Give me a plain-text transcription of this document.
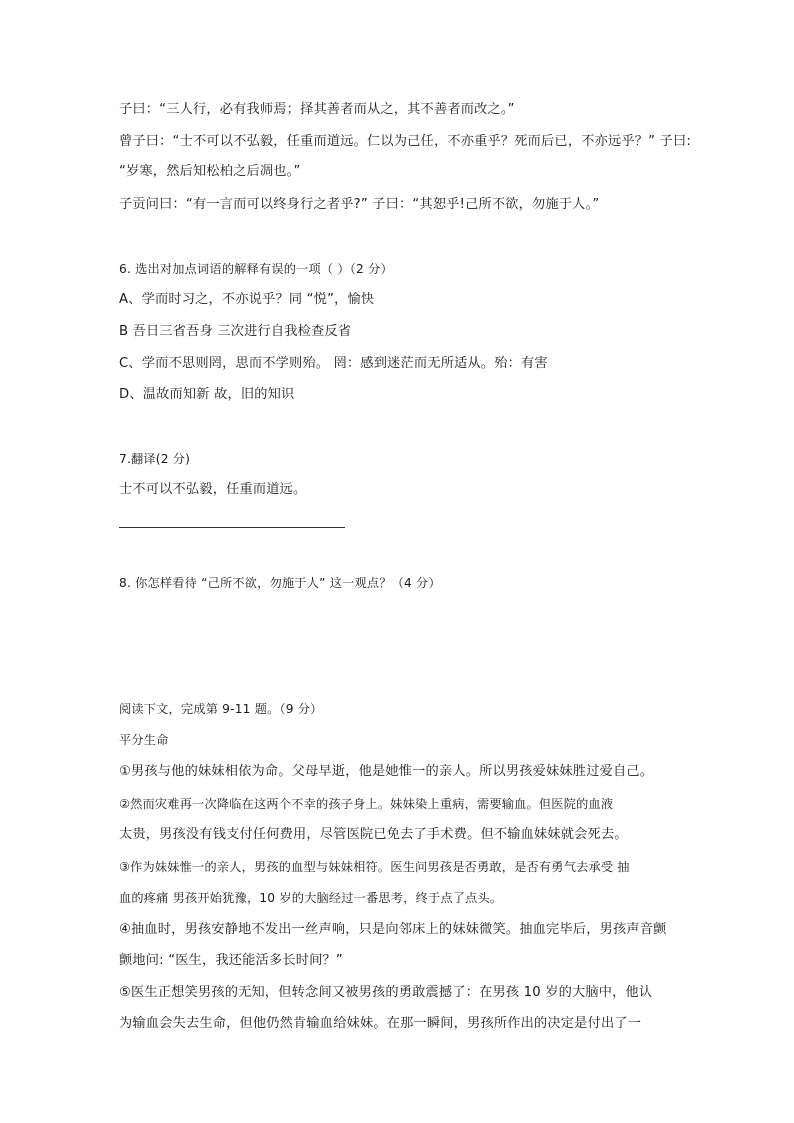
子曰：“三人行，必有我师焉；择其善者而从之，其不善者而改之。”
曾子曰：“士不可以不弘毅，任重而道远。仁以为己任，不亦重乎？死而后已，不亦远乎？” 子曰:
“岁寒，然后知松柏之后凋也。”
子贡问曰：“有一言而可以终身行之者乎?” 子曰：“其恕乎!己所不欲，勿施于人。”
6. 选出对加点词语的解释有误的一项（ ）（2 分）
A、学而时习之，不亦说乎？同 “悦”，愉快
B 吾日三省吾身 三次进行自我检查反省
C、学而不思则罔，思而不学则殆。 罔：感到迷茫而无所适从。殆：有害
D、温故而知新 故，旧的知识
7.翻译(2 分)
士不可以不弘毅，任重而道远。
8. 你怎样看待 “己所不欲，勿施于人” 这一观点？（4 分）
阅读下文，完成第 9-11 题。（9 分）
平分生命
①男孩与他的妹妹相依为命。父母早逝，他是她惟一的亲人。所以男孩爱妹妹胜过爱自己。
②然而灾难再一次降临在这两个不幸的孩子身上。妹妹染上重病，需要输血。但医院的血液
太贵，男孩没有钱支付任何费用，尽管医院已免去了手术费。但不输血妹妹就会死去。
③作为妹妹惟一的亲人，男孩的血型与妹妹相符。医生问男孩是否勇敢，是否有勇气去承受 抽
血的疼痛 男孩开始犹豫，10 岁的大脑经过一番思考，终于点了点头。
④抽血时，男孩安静地不发出一丝声响，只是向邻床上的妹妹微笑。抽血完毕后，男孩声音颤
颤地问: “医生，我还能活多长时间？”
⑤医生正想笑男孩的无知，但转念间又被男孩的勇敢震撼了：在男孩 10 岁的大脑中，他认
为输血会失去生命，但他仍然肯输血给妹妹。在那一瞬间，男孩所作出的决定是付出了一
